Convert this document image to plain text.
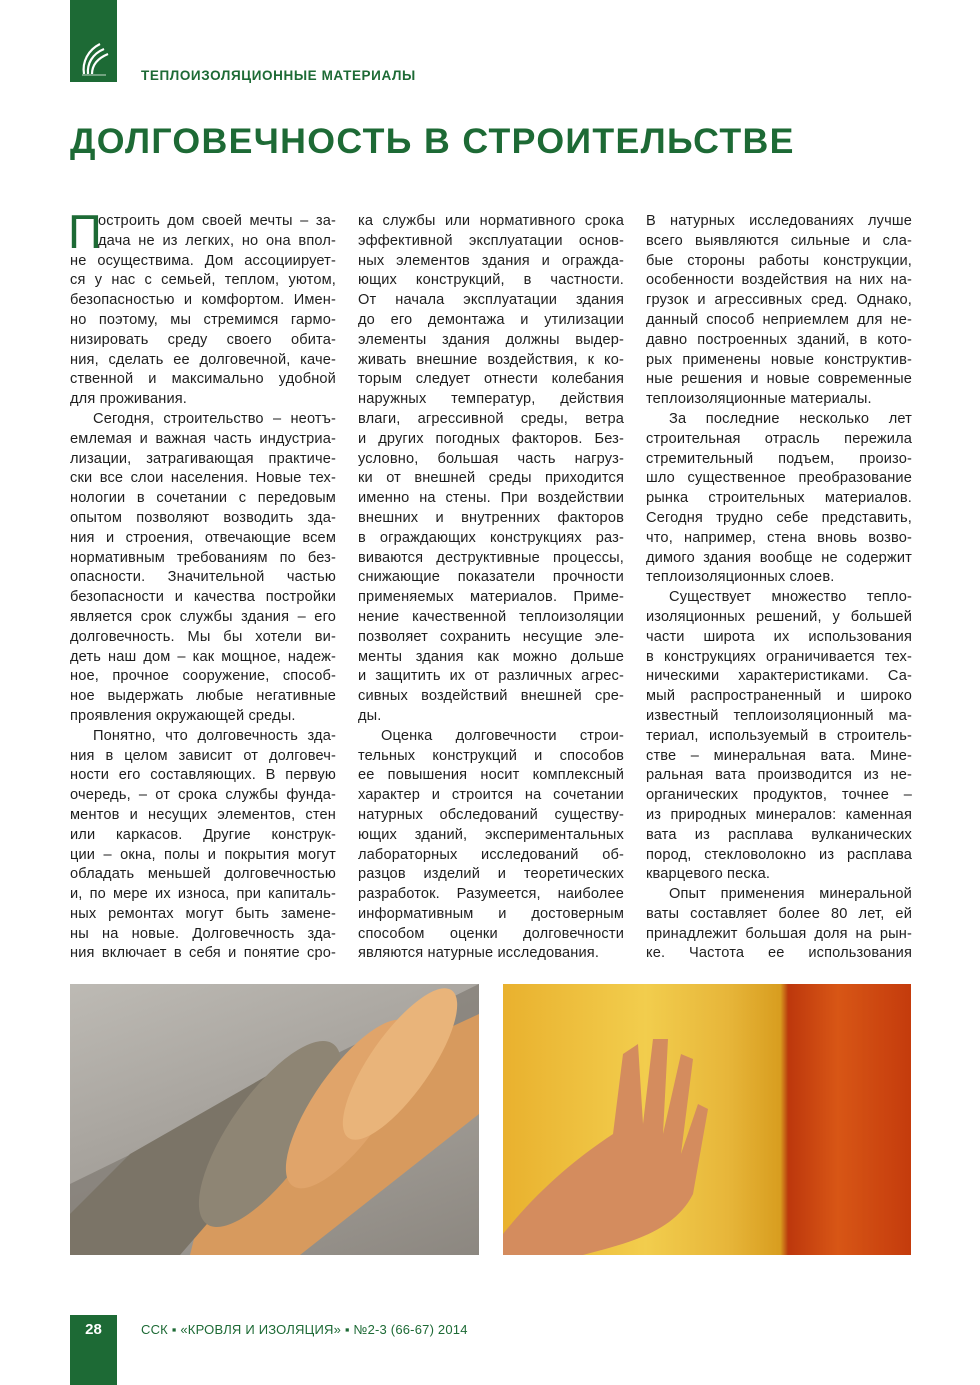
ТЕПЛОИЗОЛЯЦИОННЫЕ МАТЕРИАЛЫ
ДОЛГОВЕЧНОСТЬ В СТРОИТЕЛЬСТВЕ
П
остроить дом своей мечты – за-
дача не из легких, но она впол-
не осуществима. Дом ассоциирует-
ся у нас с семьей, теплом, уютом,
безопасностью и комфортом. Имен-
но поэтому, мы стремимся гармо-
низировать среду своего обита-
ния, сделать ее долговечной, каче-
ственной и максимально удобной
для проживания.
Сегодня, строительство – неотъ-
емлемая и важная часть индустриа-
лизации, затрагивающая практиче-
ски все слои населения. Новые тех-
нологии в сочетании с передовым
опытом позволяют возводить зда-
ния и строения, отвечающие всем
нормативным требованиям по без-
опасности. Значительной частью
безопасности и качества постройки
является срок службы здания – его
долговечность. Мы бы хотели ви-
деть наш дом – как мощное, надеж-
ное, прочное сооружение, способ-
ное выдержать любые негативные
проявления окружающей среды.
Понятно, что долговечность зда-
ния в целом зависит от долговеч-
ности его составляющих. В первую
очередь, – от срока службы фунда-
ментов и несущих элементов, стен
или каркасов. Другие конструк-
ции – окна, полы и покрытия могут
обладать меньшей долговечностью
и, по мере их износа, при капиталь-
ных ремонтах могут быть замене-
ны на новые. Долговечность зда-
ния включает в себя и понятие сро-
ка службы или нормативного срока
эффективной эксплуатации основ-
ных элементов здания и огражда-
ющих конструкций, в частности.
От начала эксплуатации здания
до его демонтажа и утилизации
элементы здания должны выдер-
живать внешние воздействия, к ко-
торым следует отнести колебания
наружных температур, действия
влаги, агрессивной среды, ветра
и других погодных факторов. Без-
условно, большая часть нагруз-
ки от внешней среды приходится
именно на стены. При воздействии
внешних и внутренних факторов
в ограждающих конструкциях раз-
виваются деструктивные процессы,
снижающие показатели прочности
применяемых материалов. Приме-
нение качественной теплоизоляции
позволяет сохранить несущие эле-
менты здания как можно дольше
и защитить их от различных агрес-
сивных воздействий внешней сре-
ды.
Оценка долговечности строи-
тельных конструкций и способов
ее повышения носит комплексный
характер и строится на сочетании
натурных обследований существу-
ющих зданий, экспериментальных
лабораторных исследований об-
разцов изделий и теоретических
разработок. Разумеется, наиболее
информативным и достоверным
способом оценки долговечности
являются натурные исследования.
В натурных исследованиях лучше
всего выявляются сильные и сла-
бые стороны работы конструкции,
особенности воздействия на них на-
грузок и агрессивных сред. Однако,
данный способ неприемлем для не-
давно построенных зданий, в кото-
рых применены новые конструктив-
ные решения и новые современные
теплоизоляционные материалы.
За последние несколько лет
строительная отрасль пережила
стремительный подъем, произо-
шло существенное преобразование
рынка строительных материалов.
Сегодня трудно себе представить,
что, например, стена вновь возво-
димого здания вообще не содержит
теплоизоляционных слоев.
Существует множество тепло-
изоляционных решений, у большей
части широта их использования
в конструкциях ограничивается тех-
ническими характеристиками. Са-
мый распространенный и широко
известный теплоизоляционный ма-
териал, используемый в строитель-
стве – минеральная вата. Мине-
ральная вата производится из не-
органических продуктов, точнее –
из природных минералов: каменная
вата из расплава вулканических
пород, стекловолокно из расплава
кварцевого песка.
Опыт применения минеральной
ваты составляет более 80 лет, ей
принадлежит большая доля на рын-
ке. Частота ее использования
28	ССК ▪ «КРОВЛЯ И ИЗОЛЯЦИЯ» ▪ №2-3 (66-67) 2014
